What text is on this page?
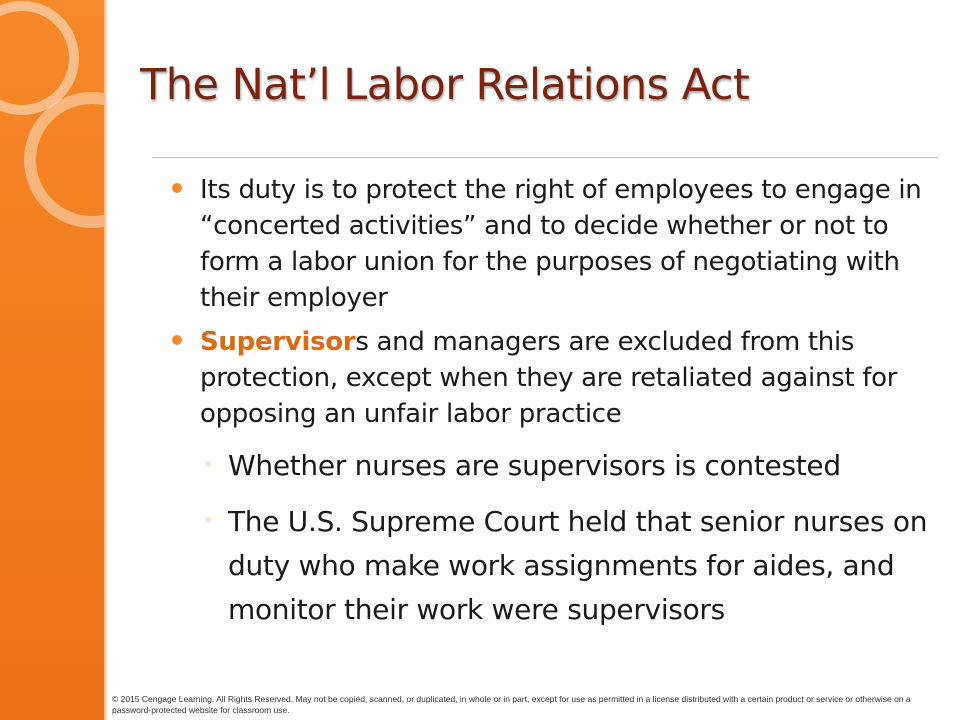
The Nat’l Labor Relations Act
Its duty is to protect the right of employees to engage in “concerted activities” and to decide whether or not to form a labor union for the purposes of negotiating with their employer
Supervisors and managers are excluded from this protection, except when they are retaliated against for opposing an unfair labor practice
◦ Whether nurses are supervisors is contested
◦ The U.S. Supreme Court held that senior nurses on duty who make work assignments for aides, and monitor their work were supervisors
© 2015 Cengage Learning. All Rights Reserved. May not be copied, scanned, or duplicated, in whole or in part, except for use as permitted in a license distributed with a certain product or service or otherwise on a password-protected website for classroom use.
